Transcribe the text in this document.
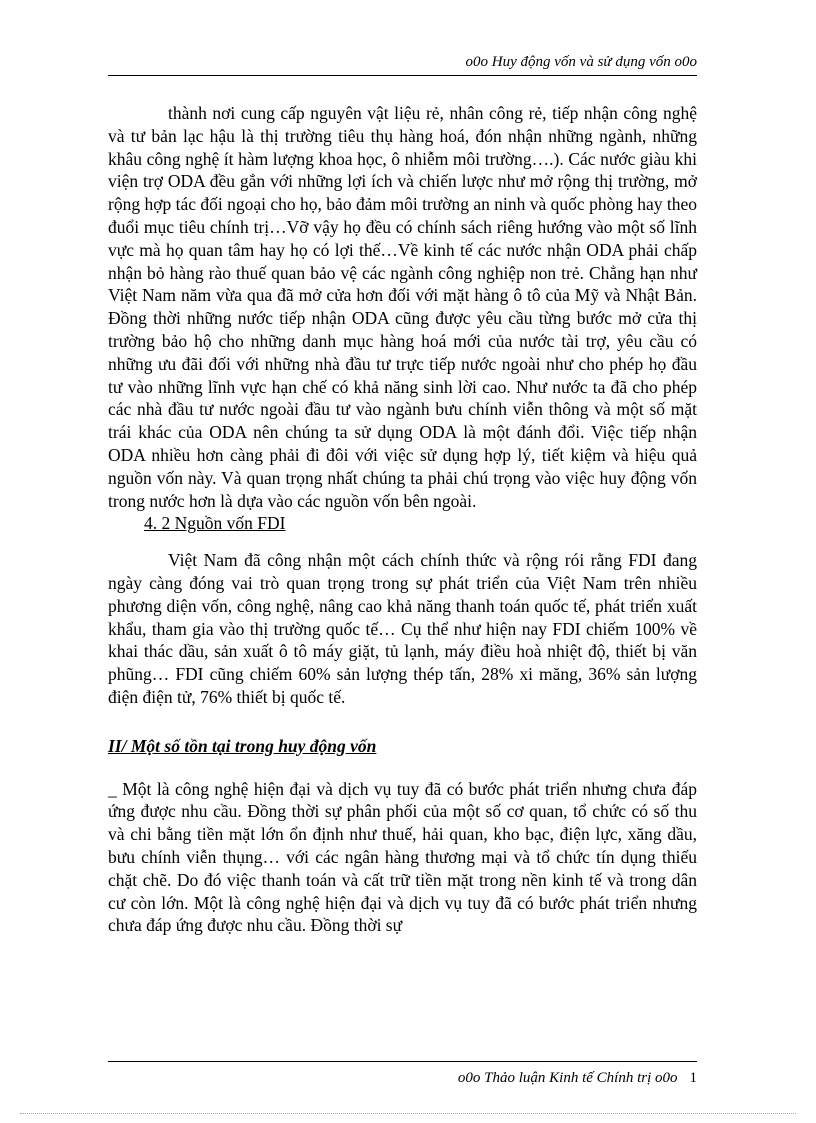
o0o Huy động vốn và sử dụng vốn o0o

thành nơi cung cấp nguyên vật liệu rẻ, nhân công rẻ, tiếp nhận công nghệ và tư bản lạc hậu là thị trường tiêu thụ hàng hoá, đón nhận những ngành, những khâu công nghệ ít hàm lượng khoa học, ô nhiễm môi trường….). Các nước giàu khi viện trợ ODA đều gắn với những lợi ích và chiến lược như mở rộng thị trường, mở rộng hợp tác đối ngoại cho họ, bảo đảm môi trường an ninh và quốc phòng hay theo đuổi mục tiêu chính trị…Vỡ vậy họ đều có chính sách riêng hướng vào một số lĩnh vực mà họ quan tâm hay họ có lợi thế…Về kinh tế các nước nhận ODA phải chấp nhận bỏ hàng rào thuế quan bảo vệ các ngành công nghiệp non trẻ. Chẳng hạn như Việt Nam năm vừa qua đã mở cửa hơn đối với mặt hàng ô tô của Mỹ và Nhật Bản. Đồng thời những nước tiếp nhận ODA cũng được yêu cầu từng bước mở cửa thị trường bảo hộ cho những danh mục hàng hoá mới của nước tài trợ, yêu cầu có những ưu đãi đối với những nhà đầu tư trực tiếp nước ngoài như cho phép họ đầu tư vào những lĩnh vực hạn chế có khả năng sinh lời cao. Như nước ta đã cho phép các nhà đầu tư nước ngoài đầu tư vào ngành bưu chính viễn thông và một số mặt trái khác của ODA nên chúng ta sử dụng ODA là một đánh đổi. Việc tiếp nhận ODA nhiều hơn càng phải đi đôi với việc sử dụng hợp lý, tiết kiệm và hiệu quả nguồn vốn này. Và quan trọng nhất chúng ta phải chú trọng vào việc huy động vốn trong nước hơn là dựa vào các nguồn vốn bên ngoài.

4. 2 Nguồn vốn FDI

Việt Nam đã công nhận một cách chính thức và rộng rói rằng FDI đang ngày càng đóng vai trò quan trọng trong sự phát triển của Việt Nam trên nhiều phương diện vốn, công nghệ, nâng cao khả năng thanh toán quốc tế, phát triển xuất khẩu, tham gia vào thị trường quốc tế… Cụ thể như hiện nay FDI chiếm 100% về khai thác dầu, sản xuất ô tô máy giặt, tủ lạnh, máy điều hoà nhiệt độ, thiết bị văn phũng… FDI cũng chiếm 60% sản lượng thép tấn, 28% xi măng, 36% sản lượng điện điện tử, 76% thiết bị quốc tế.

II/ Một số tồn tại trong huy động vốn

_ Một là công nghệ hiện đại và dịch vụ tuy đã có bước phát triển nhưng chưa đáp ứng được nhu cầu. Đồng thời sự phân phối của một số cơ quan, tổ chức có số thu và chi bằng tiền mặt lớn ổn định như thuế, hải quan, kho bạc, điện lực, xăng dầu, bưu chính viễn thụng… với các ngân hàng thương mại và tổ chức tín dụng thiếu chặt chẽ. Do đó việc thanh toán và cất trữ tiền mặt trong nền kinh tế và trong dân cư còn lớn. Một là công nghệ hiện đại và dịch vụ tuy đã có bước phát triển nhưng chưa đáp ứng được nhu cầu. Đồng thời sự

o0o Thảo luận Kinh tế Chính trị o0o 1
